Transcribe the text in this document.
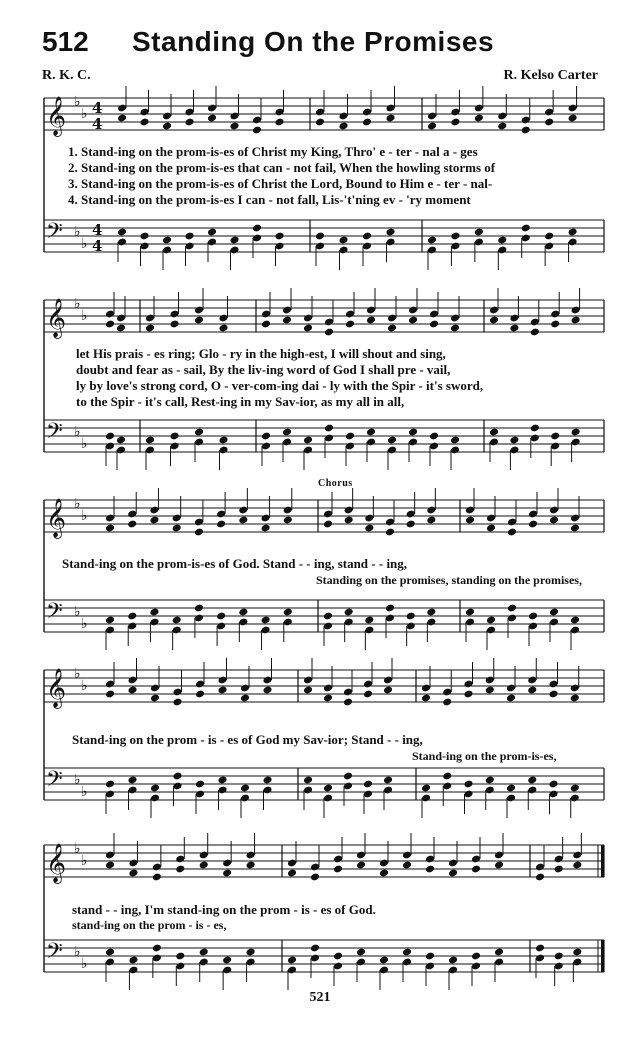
512 Standing On the Promises
R. K. C.	R. Kelso Carter
1. Stand-ing on the prom-is-es of Christ my King, Thro' e - ter - nal a - ges
2. Stand-ing on the prom-is-es that can - not fail, When the howling storms of
3. Stand-ing on the prom-is-es of Christ the Lord, Bound to Him e - ter - nal-
4. Stand-ing on the prom-is-es I can - not fall, Lis-'t'ning ev - 'ry moment
let His prais - es ring; Glo - ry in the high-est, I will shout and sing,
doubt and fear as - sail, By the liv-ing word of God I shall pre - vail,
ly by love's strong cord, O - ver-com-ing dai - ly with the Spir - it's sword,
to the Spir - it's call, Rest-ing in my Sav-ior, as my all in all,
Chorus
Stand-ing on the prom-is-es of God. Stand - - ing, stand - - ing,
Standing on the promises, standing on the promises,
Stand-ing on the prom - is - es of God my Sav-ior; Stand - - ing,
Stand-ing on the prom-is-es,
stand - - ing, I'm stand-ing on the prom - is - es of God.
stand-ing on the prom - is - es,
521
𝄞
𝄢
♭
♭
♭
♭
4
4
4
4
𝄞
𝄢
♭
♭
♭
♭
𝄞
𝄢
♭
♭
♭
♭
𝄞
𝄢
♭
♭
♭
♭
𝄞
𝄢
♭
♭
♭
♭
